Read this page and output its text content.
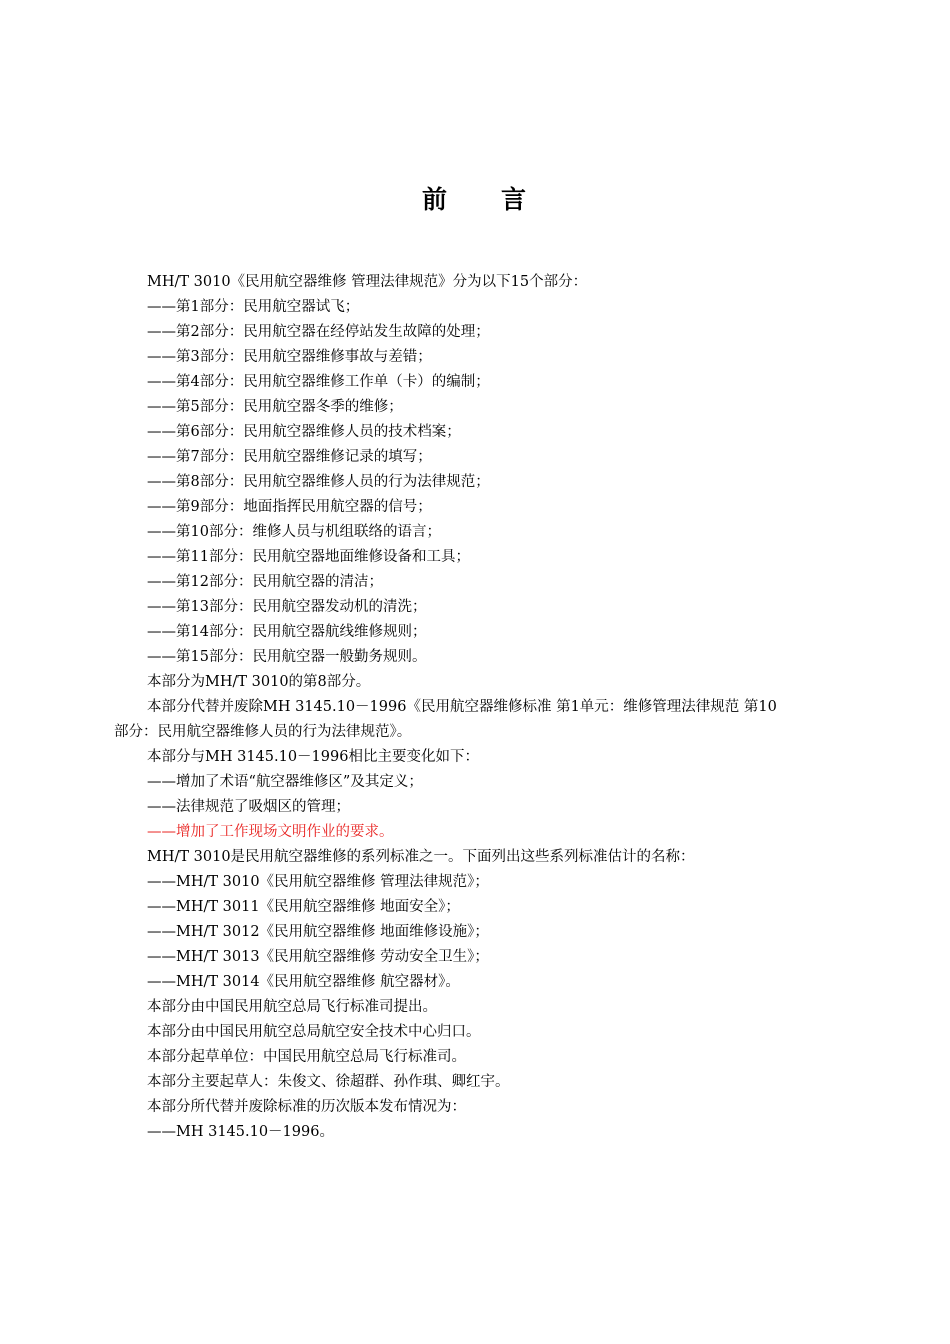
前 言
MH/T 3010《民用航空器维修 管理法律规范》分为以下15个部分：
——第1部分：民用航空器试飞；
——第2部分：民用航空器在经停站发生故障的处理；
——第3部分：民用航空器维修事故与差错；
——第4部分：民用航空器维修工作单（卡）的编制；
——第5部分：民用航空器冬季的维修；
——第6部分：民用航空器维修人员的技术档案；
——第7部分：民用航空器维修记录的填写；
——第8部分：民用航空器维修人员的行为法律规范；
——第9部分：地面指挥民用航空器的信号；
——第10部分：维修人员与机组联络的语言；
——第11部分：民用航空器地面维修设备和工具；
——第12部分：民用航空器的清洁；
——第13部分：民用航空器发动机的清洗；
——第14部分：民用航空器航线维修规则；
——第15部分：民用航空器一般勤务规则。
本部分为MH/T 3010的第8部分。
本部分代替并废除MH 3145.10－1996《民用航空器维修标准 第1单元：维修管理法律规范 第10
部分：民用航空器维修人员的行为法律规范》。
本部分与MH 3145.10－1996相比主要变化如下：
——增加了术语“航空器维修区”及其定义；
——法律规范了吸烟区的管理；
——增加了工作现场文明作业的要求。
MH/T 3010是民用航空器维修的系列标准之一。下面列出这些系列标准估计的名称：
——MH/T 3010《民用航空器维修 管理法律规范》；
——MH/T 3011《民用航空器维修 地面安全》；
——MH/T 3012《民用航空器维修 地面维修设施》；
——MH/T 3013《民用航空器维修 劳动安全卫生》；
——MH/T 3014《民用航空器维修 航空器材》。
本部分由中国民用航空总局飞行标准司提出。
本部分由中国民用航空总局航空安全技术中心归口。
本部分起草单位：中国民用航空总局飞行标准司。
本部分主要起草人：朱俊文、徐超群、孙作琪、卿红宇。
本部分所代替并废除标准的历次版本发布情况为：
——MH 3145.10－1996。
